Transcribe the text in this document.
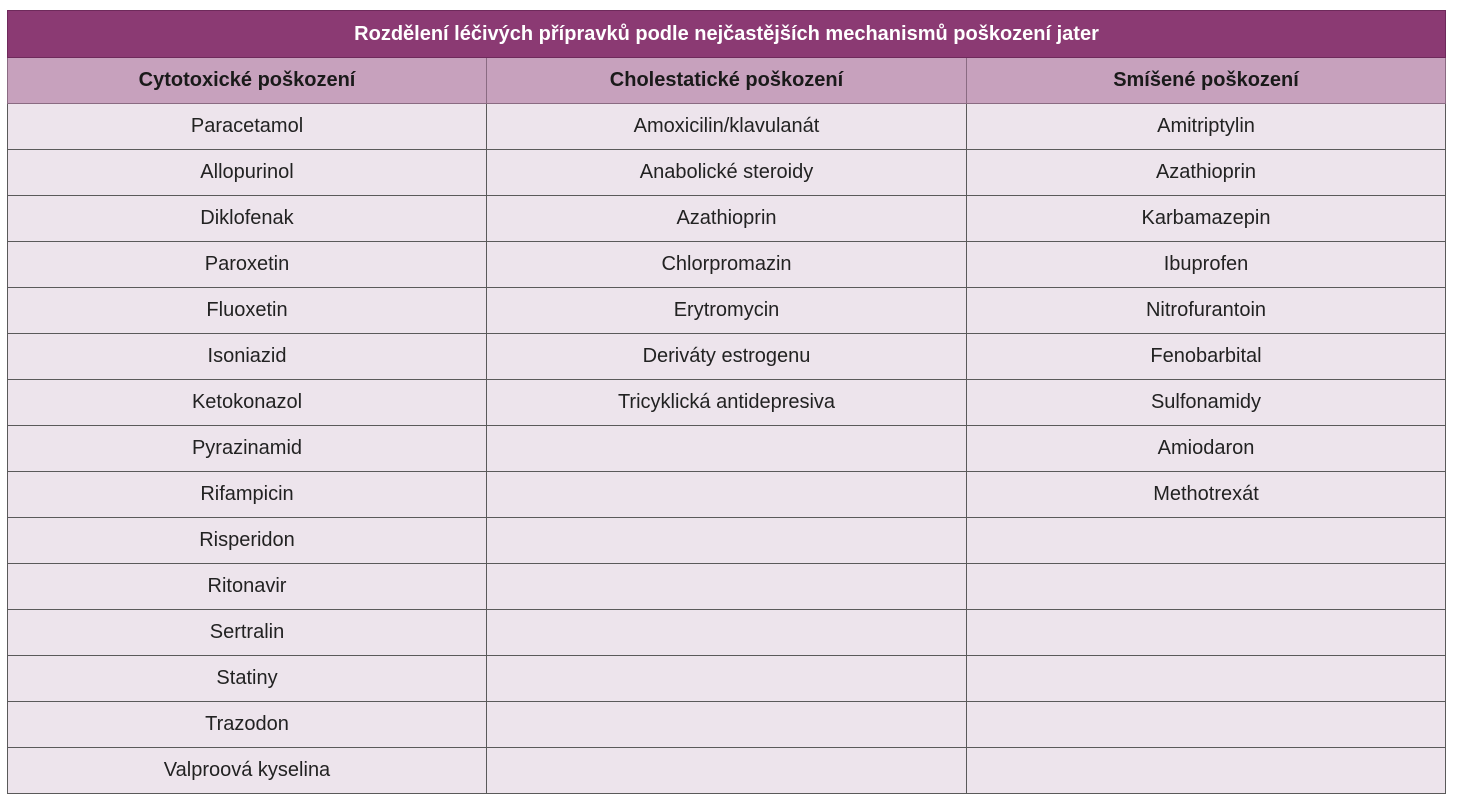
Rozdělení léčivých přípravků podle nejčastějších mechanismů poškození jater		
Cytotoxické poškození	Cholestatické poškození	Smíšené poškození
Paracetamol	Amoxicilin/klavulanát	Amitriptylin
Allopurinol	Anabolické steroidy	Azathioprin
Diklofenak	Azathioprin	Karbamazepin
Paroxetin	Chlorpromazin	Ibuprofen
Fluoxetin	Erytromycin	Nitrofurantoin
Isoniazid	Deriváty estrogenu	Fenobarbital
Ketokonazol	Tricyklická antidepresiva	Sulfonamidy
Pyrazinamid		Amiodaron
Rifampicin		Methotrexát
Risperidon		
Ritonavir		
Sertralin		
Statiny		
Trazodon		
Valproová kyselina		
